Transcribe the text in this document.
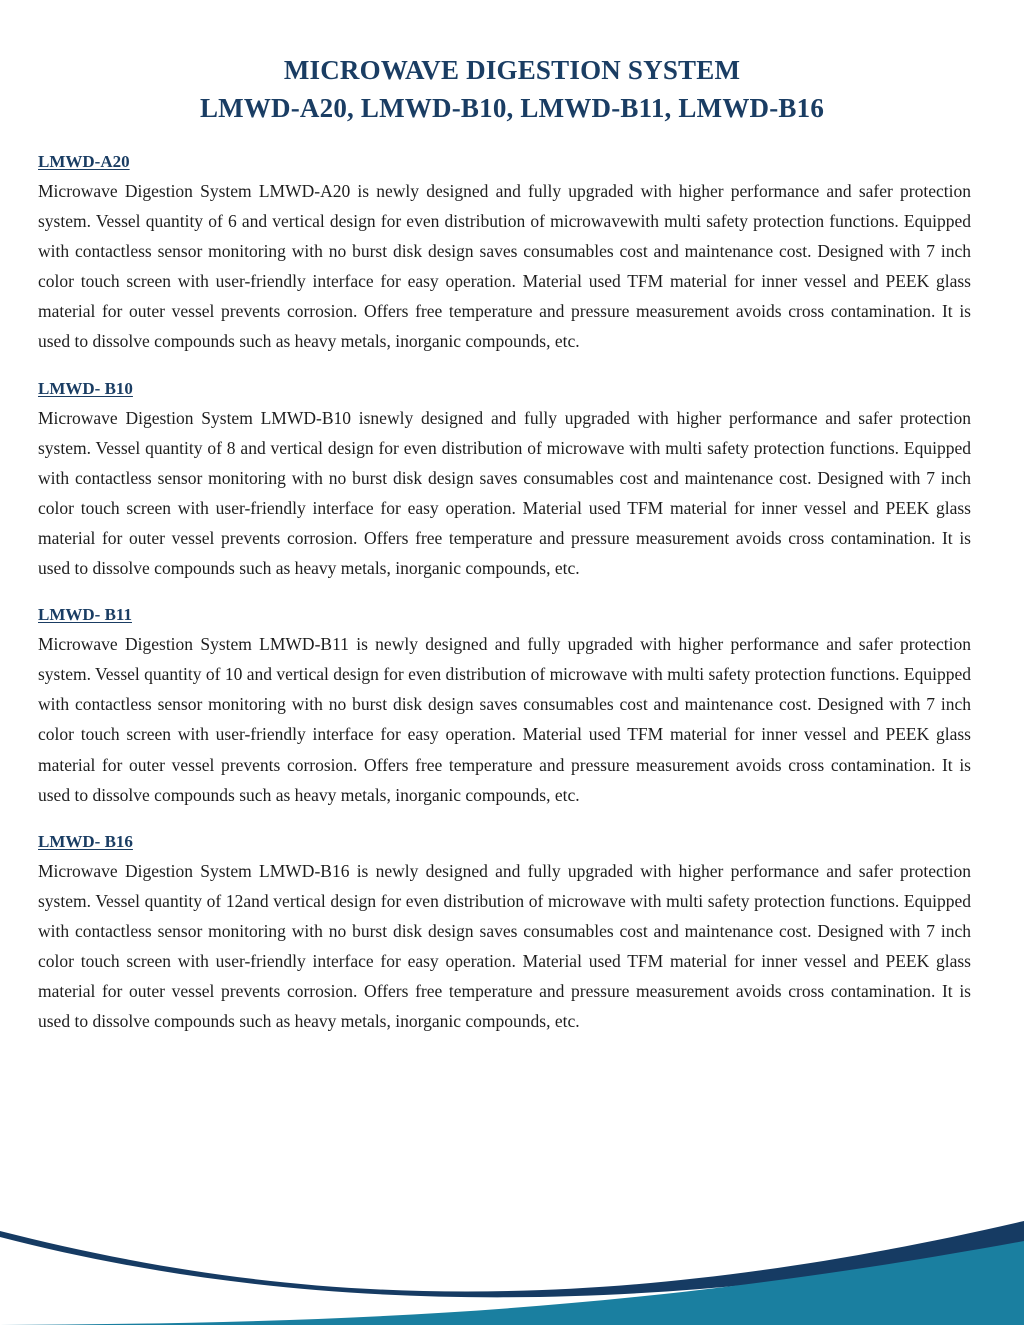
MICROWAVE DIGESTION SYSTEM
LMWD-A20, LMWD-B10, LMWD-B11, LMWD-B16
LMWD-A20

Microwave Digestion System LMWD-A20 is newly designed and fully upgraded with higher performance and safer protection system. Vessel quantity of 6 and vertical design for even distribution of microwavewith multi safety protection functions. Equipped with contactless sensor monitoring with no burst disk design saves consumables cost and maintenance cost. Designed with 7 inch color touch screen with user-friendly interface for easy operation. Material used TFM material for inner vessel and PEEK glass material for outer vessel prevents corrosion. Offers free temperature and pressure measurement avoids cross contamination. It is used to dissolve compounds such as heavy metals, inorganic compounds, etc.

LMWD- B10

Microwave Digestion System LMWD-B10 isnewly designed and fully upgraded with higher performance and safer protection system. Vessel quantity of 8 and vertical design for even distribution of microwave with multi safety protection functions. Equipped with contactless sensor monitoring with no burst disk design saves consumables cost and maintenance cost. Designed with 7 inch color touch screen with user-friendly interface for easy operation. Material used TFM material for inner vessel and PEEK glass material for outer vessel prevents corrosion. Offers free temperature and pressure measurement avoids cross contamination. It is used to dissolve compounds such as heavy metals, inorganic compounds, etc.

LMWD- B11

Microwave Digestion System LMWD-B11 is newly designed and fully upgraded with higher performance and safer protection system. Vessel quantity of 10 and vertical design for even distribution of microwave with multi safety protection functions. Equipped with contactless sensor monitoring with no burst disk design saves consumables cost and maintenance cost. Designed with 7 inch color touch screen with user-friendly interface for easy operation. Material used TFM material for inner vessel and PEEK glass material for outer vessel prevents corrosion. Offers free temperature and pressure measurement avoids cross contamination. It is used to dissolve compounds such as heavy metals, inorganic compounds, etc.

LMWD- B16

Microwave Digestion System LMWD-B16 is newly designed and fully upgraded with higher performance and safer protection system. Vessel quantity of 12and vertical design for even distribution of microwave with multi safety protection functions. Equipped with contactless sensor monitoring with no burst disk design saves consumables cost and maintenance cost. Designed with 7 inch color touch screen with user-friendly interface for easy operation. Material used TFM material for inner vessel and PEEK glass material for outer vessel prevents corrosion. Offers free temperature and pressure measurement avoids cross contamination. It is used to dissolve compounds such as heavy metals, inorganic compounds, etc.
